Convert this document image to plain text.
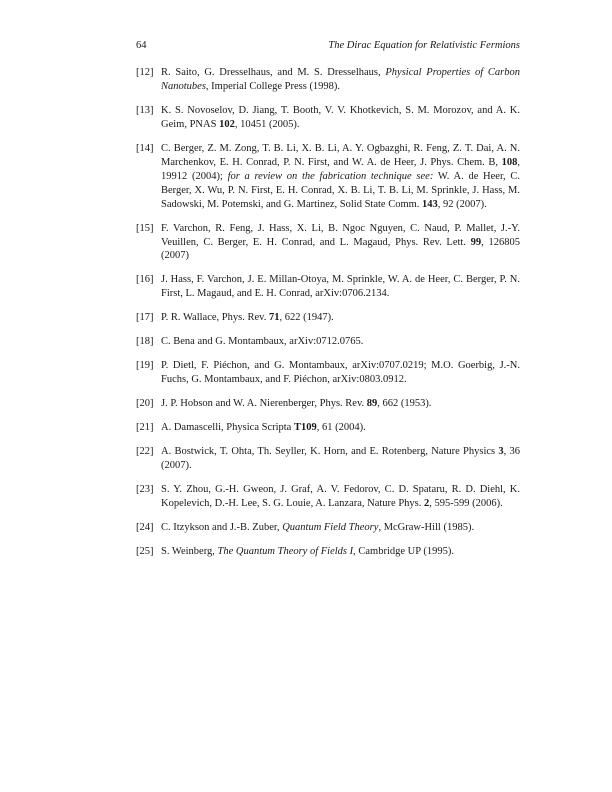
64	The Dirac Equation for Relativistic Fermions
[12] R. Saito, G. Dresselhaus, and M. S. Dresselhaus, Physical Properties of Carbon Nanotubes, Imperial College Press (1998).
[13] K. S. Novoselov, D. Jiang, T. Booth, V. V. Khotkevich, S. M. Morozov, and A. K. Geim, PNAS 102, 10451 (2005).
[14] C. Berger, Z. M. Zong, T. B. Li, X. B. Li, A. Y. Ogbazghi, R. Feng, Z. T. Dai, A. N. Marchenkov, E. H. Conrad, P. N. First, and W. A. de Heer, J. Phys. Chem. B, 108, 19912 (2004); for a review on the fabrication technique see: W. A. de Heer, C. Berger, X. Wu, P. N. First, E. H. Conrad, X. B. Li, T. B. Li, M. Sprinkle, J. Hass, M. Sadowski, M. Potemski, and G. Martinez, Solid State Comm. 143, 92 (2007).
[15] F. Varchon, R. Feng, J. Hass, X. Li, B. Ngoc Nguyen, C. Naud, P. Mallet, J.-Y. Veuillen, C. Berger, E. H. Conrad, and L. Magaud, Phys. Rev. Lett. 99, 126805 (2007)
[16] J. Hass, F. Varchon, J. E. Millan-Otoya, M. Sprinkle, W. A. de Heer, C. Berger, P. N. First, L. Magaud, and E. H. Conrad, arXiv:0706.2134.
[17] P. R. Wallace, Phys. Rev. 71, 622 (1947).
[18] C. Bena and G. Montambaux, arXiv:0712.0765.
[19] P. Dietl, F. Piéchon, and G. Montambaux, arXiv:0707.0219; M.O. Goerbig, J.-N. Fuchs, G. Montambaux, and F. Piéchon, arXiv:0803.0912.
[20] J. P. Hobson and W. A. Nierenberger, Phys. Rev. 89, 662 (1953).
[21] A. Damascelli, Physica Scripta T109, 61 (2004).
[22] A. Bostwick, T. Ohta, Th. Seyller, K. Horn, and E. Rotenberg, Nature Physics 3, 36 (2007).
[23] S. Y. Zhou, G.-H. Gweon, J. Graf, A. V. Fedorov, C. D. Spataru, R. D. Diehl, K. Kopelevich, D.-H. Lee, S. G. Louie, A. Lanzara, Nature Phys. 2, 595-599 (2006).
[24] C. Itzykson and J.-B. Zuber, Quantum Field Theory, McGraw-Hill (1985).
[25] S. Weinberg, The Quantum Theory of Fields I, Cambridge UP (1995).
